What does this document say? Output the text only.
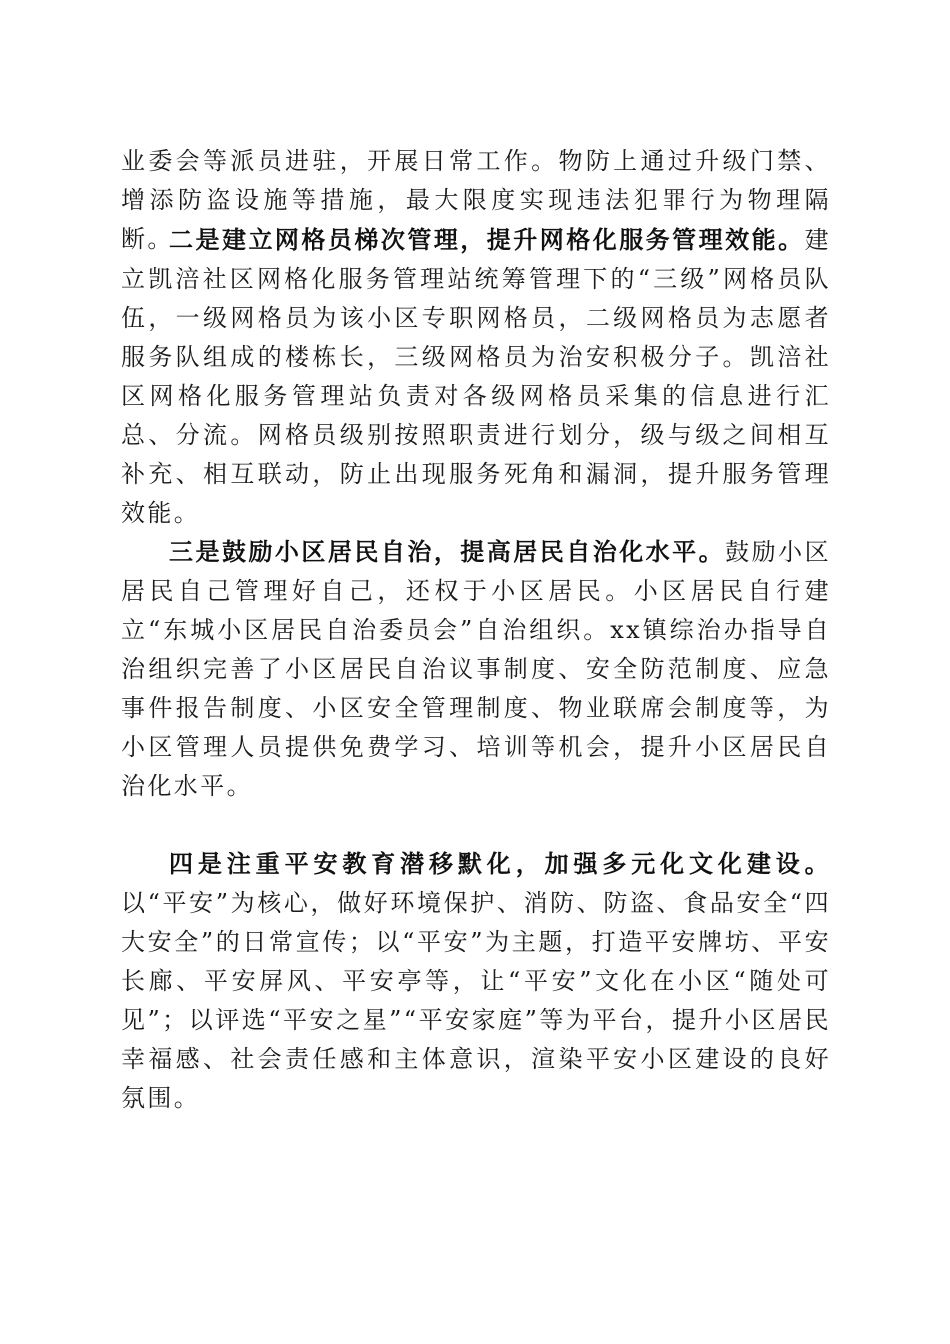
业委会等派员进驻，开展日常工作。物防上通过升级门禁、增添防盗设施等措施，最大限度实现违法犯罪行为物理隔断。

二是建立网格员梯次管理，提升网格化服务管理效能。建立凯涪社区网格化服务管理站统筹管理下的“三级”网格员队伍，一级网格员为该小区专职网格员，二级网格员为志愿者服务队组成的楼栋长，三级网格员为治安积极分子。凯涪社区网格化服务管理站负责对各级网格员采集的信息进行汇总、分流。网格员级别按照职责进行划分，级与级之间相互补充、相互联动，防止出现服务死角和漏洞，提升服务管理效能。

三是鼓励小区居民自治，提高居民自治化水平。鼓励小区居民自己管理好自己，还权于小区居民。小区居民自行建立“东城小区居民自治委员会”自治组织。xx镇综治办指导自治组织完善了小区居民自治议事制度、安全防范制度、应急事件报告制度、小区安全管理制度、物业联席会制度等，为小区管理人员提供免费学习、培训等机会，提升小区居民自治化水平。

四是注重平安教育潜移默化，加强多元化文化建设。以“平安”为核心，做好环境保护、消防、防盗、食品安全“四大安全”的日常宣传；以“平安”为主题，打造平安牌坊、平安长廊、平安屏风、平安亭等，让“平安”文化在小区“随处可见”；以评选“平安之星”“平安家庭”等为平台，提升小区居民幸福感、社会责任感和主体意识，渲染平安小区建设的良好氛围。
